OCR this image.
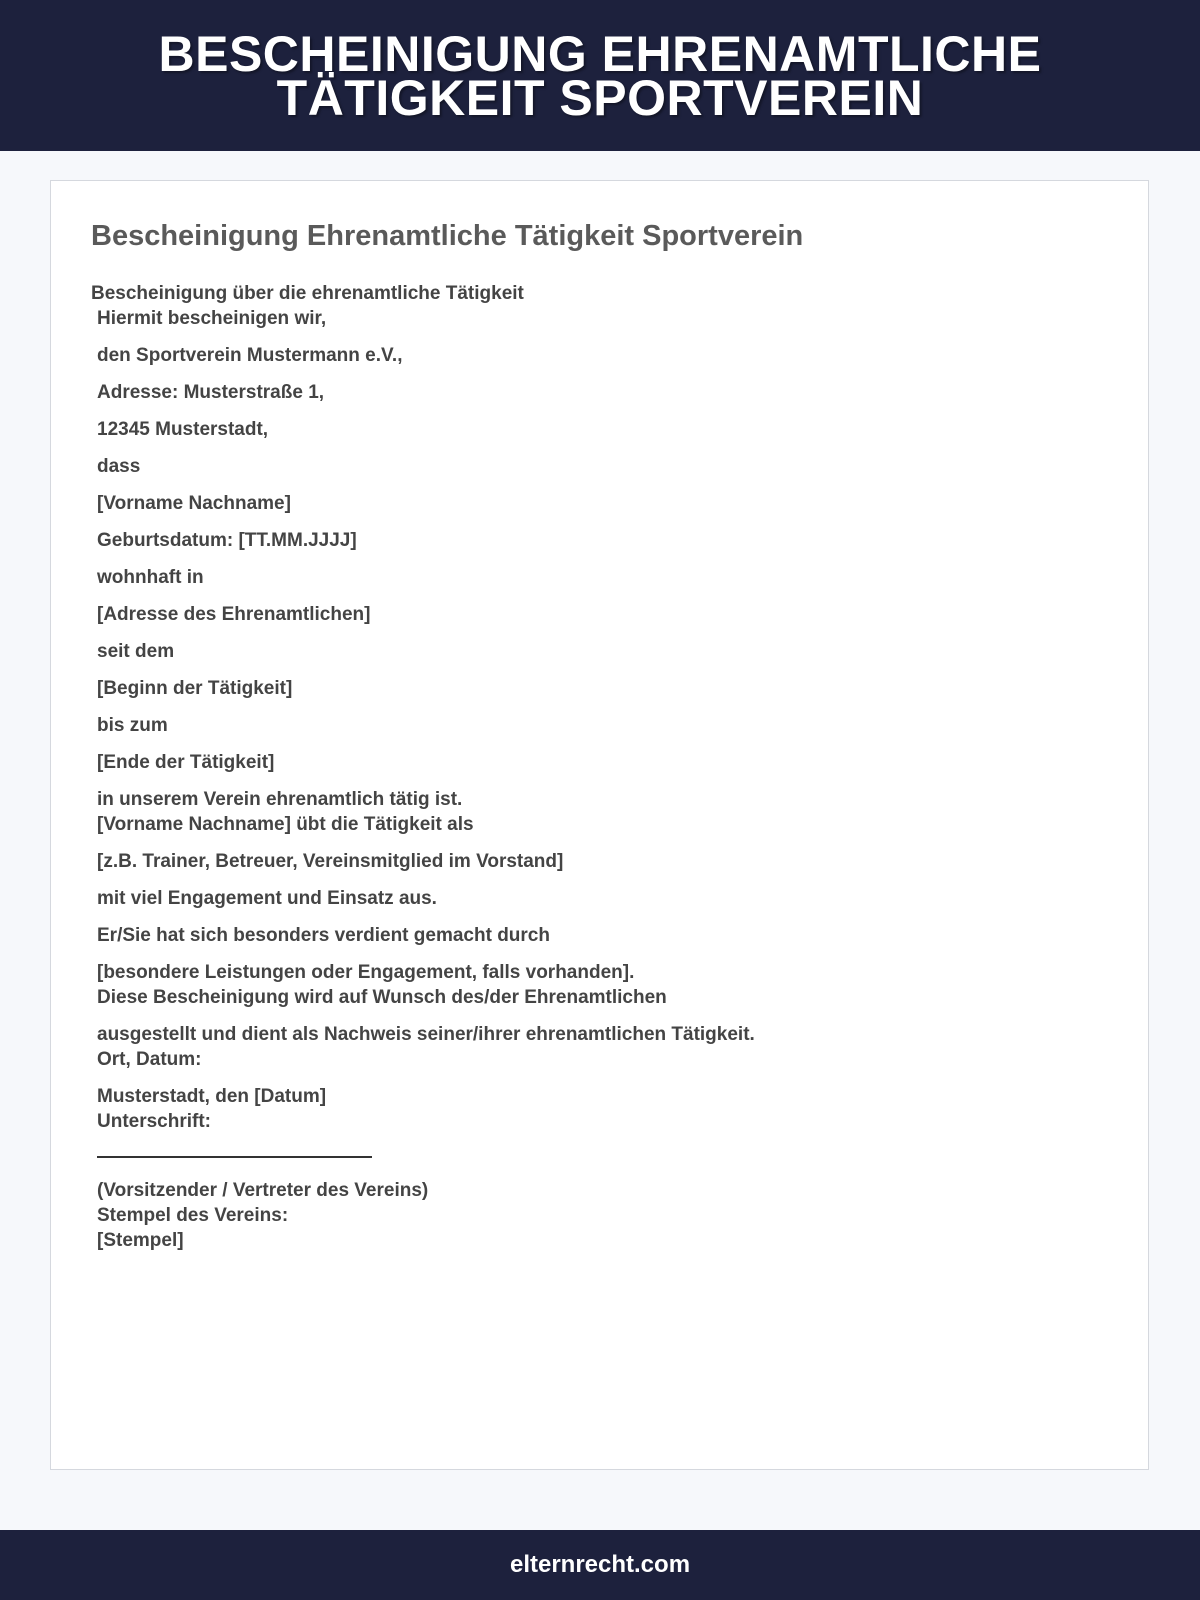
BESCHEINIGUNG EHRENAMTLICHE TÄTIGKEIT SPORTVEREIN
Bescheinigung Ehrenamtliche Tätigkeit Sportverein

Bescheinigung über die ehrenamtliche Tätigkeit

Hiermit bescheinigen wir,

den Sportverein Mustermann e.V.,

Adresse: Musterstraße 1,

12345 Musterstadt,

dass

[Vorname Nachname]

Geburtsdatum: [TT.MM.JJJJ]

wohnhaft in

[Adresse des Ehrenamtlichen]

seit dem

[Beginn der Tätigkeit]

bis zum

[Ende der Tätigkeit]

in unserem Verein ehrenamtlich tätig ist.

[Vorname Nachname] übt die Tätigkeit als

[z.B. Trainer, Betreuer, Vereinsmitglied im Vorstand]

mit viel Engagement und Einsatz aus.

Er/Sie hat sich besonders verdient gemacht durch

[besondere Leistungen oder Engagement, falls vorhanden].

Diese Bescheinigung wird auf Wunsch des/der Ehrenamtlichen

ausgestellt und dient als Nachweis seiner/ihrer ehrenamtlichen Tätigkeit.

Ort, Datum:

Musterstadt, den [Datum]

Unterschrift:

(Vorsitzender / Vertreter des Vereins)

Stempel des Vereins:

[Stempel]

elternrecht.com
